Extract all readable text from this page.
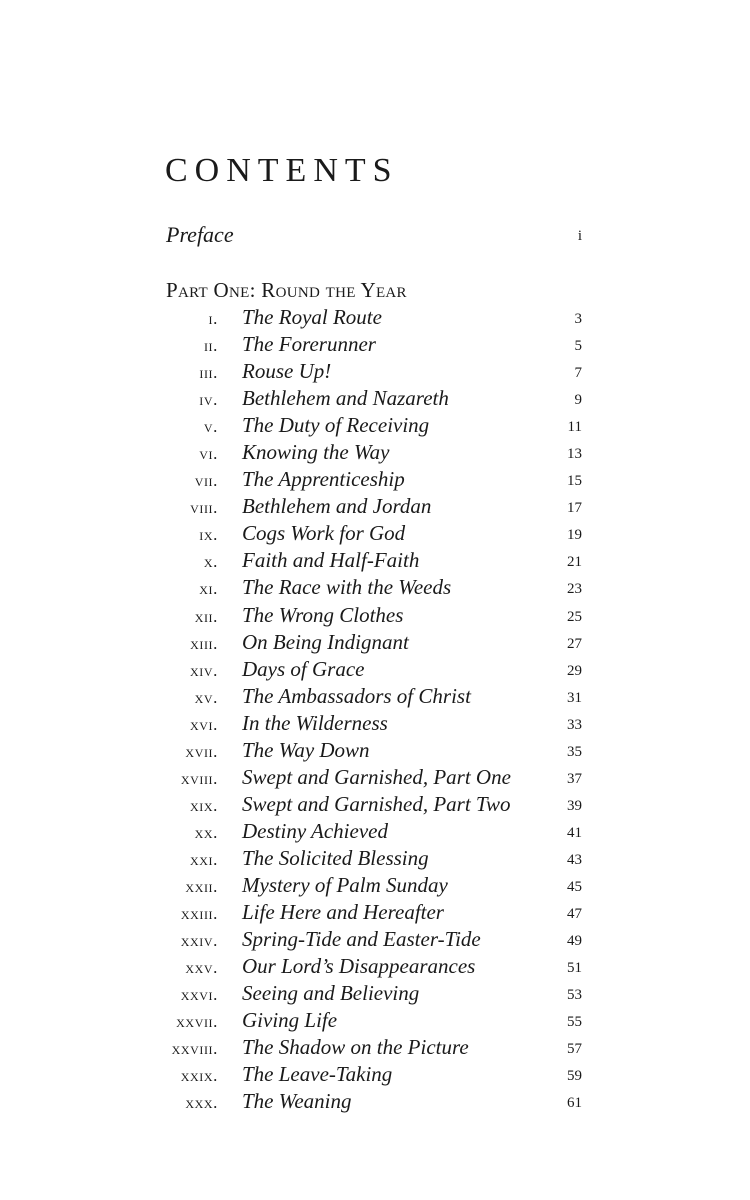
CONTENTS
Preface	i
Part One: Round the Year
i. The Royal Route	3
ii. The Forerunner	5
iii. Rouse Up!	7
iv. Bethlehem and Nazareth	9
v. The Duty of Receiving	11
vi. Knowing the Way	13
vii. The Apprenticeship	15
viii. Bethlehem and Jordan	17
ix. Cogs Work for God	19
x. Faith and Half-Faith	21
xi. The Race with the Weeds	23
xii. The Wrong Clothes	25
xiii. On Being Indignant	27
xiv. Days of Grace	29
xv. The Ambassadors of Christ	31
xvi. In the Wilderness	33
xvii. The Way Down	35
xviii. Swept and Garnished, Part One	37
xix. Swept and Garnished, Part Two	39
xx. Destiny Achieved	41
xxi. The Solicited Blessing	43
xxii. Mystery of Palm Sunday	45
xxiii. Life Here and Hereafter	47
xxiv. Spring-Tide and Easter-Tide	49
xxv. Our Lord’s Disappearances	51
xxvi. Seeing and Believing	53
xxvii. Giving Life	55
xxviii. The Shadow on the Picture	57
xxix. The Leave-Taking	59
xxx. The Weaning	61
